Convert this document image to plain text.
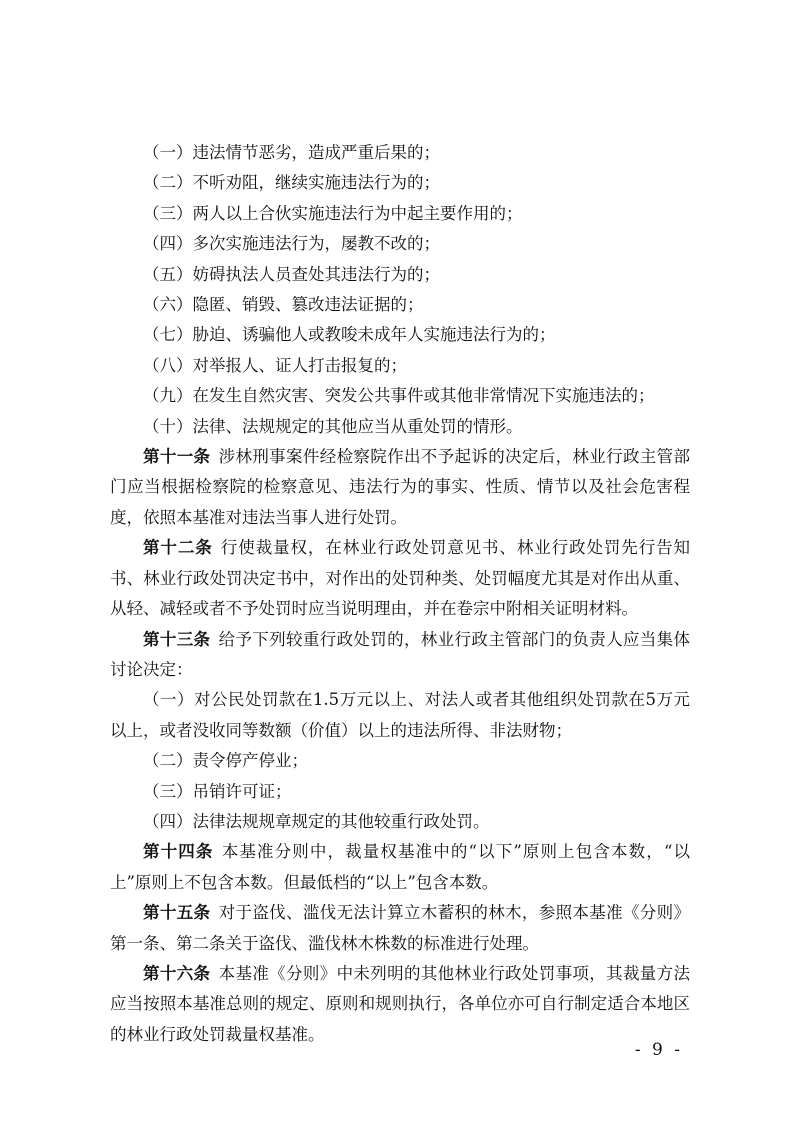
（一）违法情节恶劣，造成严重后果的；

（二）不听劝阻，继续实施违法行为的；

（三）两人以上合伙实施违法行为中起主要作用的；

（四）多次实施违法行为，屡教不改的；

（五）妨碍执法人员查处其违法行为的；

（六）隐匿、销毁、篡改违法证据的；

（七）胁迫、诱骗他人或教唆未成年人实施违法行为的；

（八）对举报人、证人打击报复的；

（九）在发生自然灾害、突发公共事件或其他非常情况下实施违法的；

（十）法律、法规规定的其他应当从重处罚的情形。

第十一条 涉林刑事案件经检察院作出不予起诉的决定后，林业行政主管部门应当根据检察院的检察意见、违法行为的事实、性质、情节以及社会危害程度，依照本基准对违法当事人进行处罚。

第十二条 行使裁量权，在林业行政处罚意见书、林业行政处罚先行告知书、林业行政处罚决定书中，对作出的处罚种类、处罚幅度尤其是对作出从重、从轻、减轻或者不予处罚时应当说明理由，并在卷宗中附相关证明材料。

第十三条 给予下列较重行政处罚的，林业行政主管部门的负责人应当集体讨论决定：

（一）对公民处罚款在1.5万元以上、对法人或者其他组织处罚款在5万元以上，或者没收同等数额（价值）以上的违法所得、非法财物；

（二）责令停产停业；

（三）吊销许可证；

（四）法律法规规章规定的其他较重行政处罚。

第十四条 本基准分则中，裁量权基准中的“以下”原则上包含本数，“以上”原则上不包含本数。但最低档的“以上”包含本数。

第十五条 对于盗伐、滥伐无法计算立木蓄积的林木，参照本基准《分则》第一条、第二条关于盗伐、滥伐林木株数的标准进行处理。

第十六条 本基准《分则》中未列明的其他林业行政处罚事项，其裁量方法应当按照本基准总则的规定、原则和规则执行，各单位亦可自行制定适合本地区的林业行政处罚裁量权基准。

- 9 -
